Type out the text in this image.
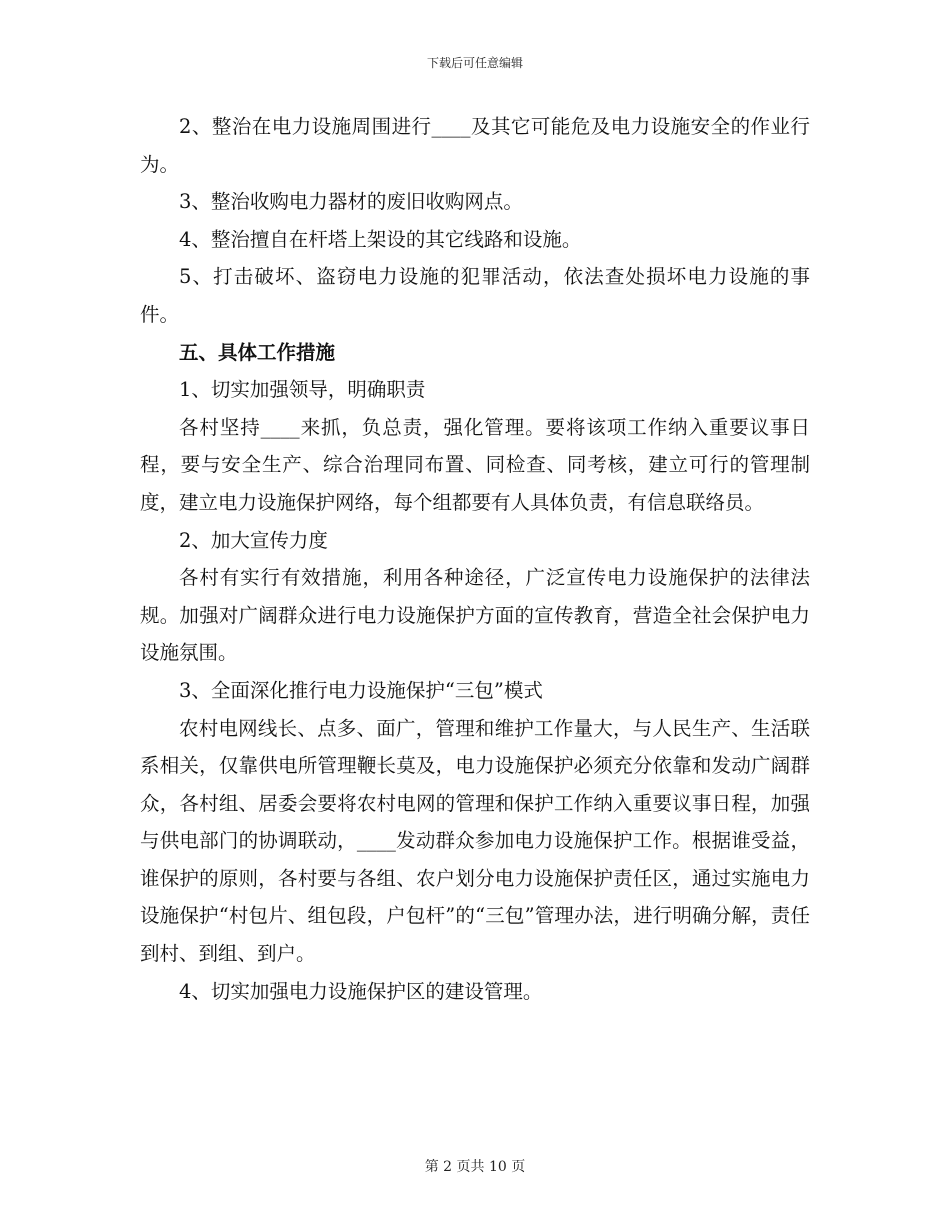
下载后可任意编辑

2、整治在电力设施周围进行____及其它可能危及电力设施安全的作业行为。

3、整治收购电力器材的废旧收购网点。

4、整治擅自在杆塔上架设的其它线路和设施。

5、打击破坏、盗窃电力设施的犯罪活动，依法查处损坏电力设施的事件。

五、具体工作措施

1、切实加强领导，明确职责

各村坚持____来抓，负总责，强化管理。要将该项工作纳入重要议事日程，要与安全生产、综合治理同布置、同检查、同考核，建立可行的管理制度，建立电力设施保护网络，每个组都要有人具体负责，有信息联络员。

2、加大宣传力度

各村有实行有效措施，利用各种途径，广泛宣传电力设施保护的法律法规。加强对广阔群众进行电力设施保护方面的宣传教育，营造全社会保护电力设施氛围。

3、全面深化推行电力设施保护“三包”模式

农村电网线长、点多、面广，管理和维护工作量大，与人民生产、生活联系相关，仅靠供电所管理鞭长莫及，电力设施保护必须充分依靠和发动广阔群众，各村组、居委会要将农村电网的管理和保护工作纳入重要议事日程，加强与供电部门的协调联动，____发动群众参加电力设施保护工作。根据谁受益，谁保护的原则，各村要与各组、农户划分电力设施保护责任区，通过实施电力设施保护“村包片、组包段，户包杆”的“三包”管理办法，进行明确分解，责任到村、到组、到户。

4、切实加强电力设施保护区的建设管理。

第 2 页共 10 页
